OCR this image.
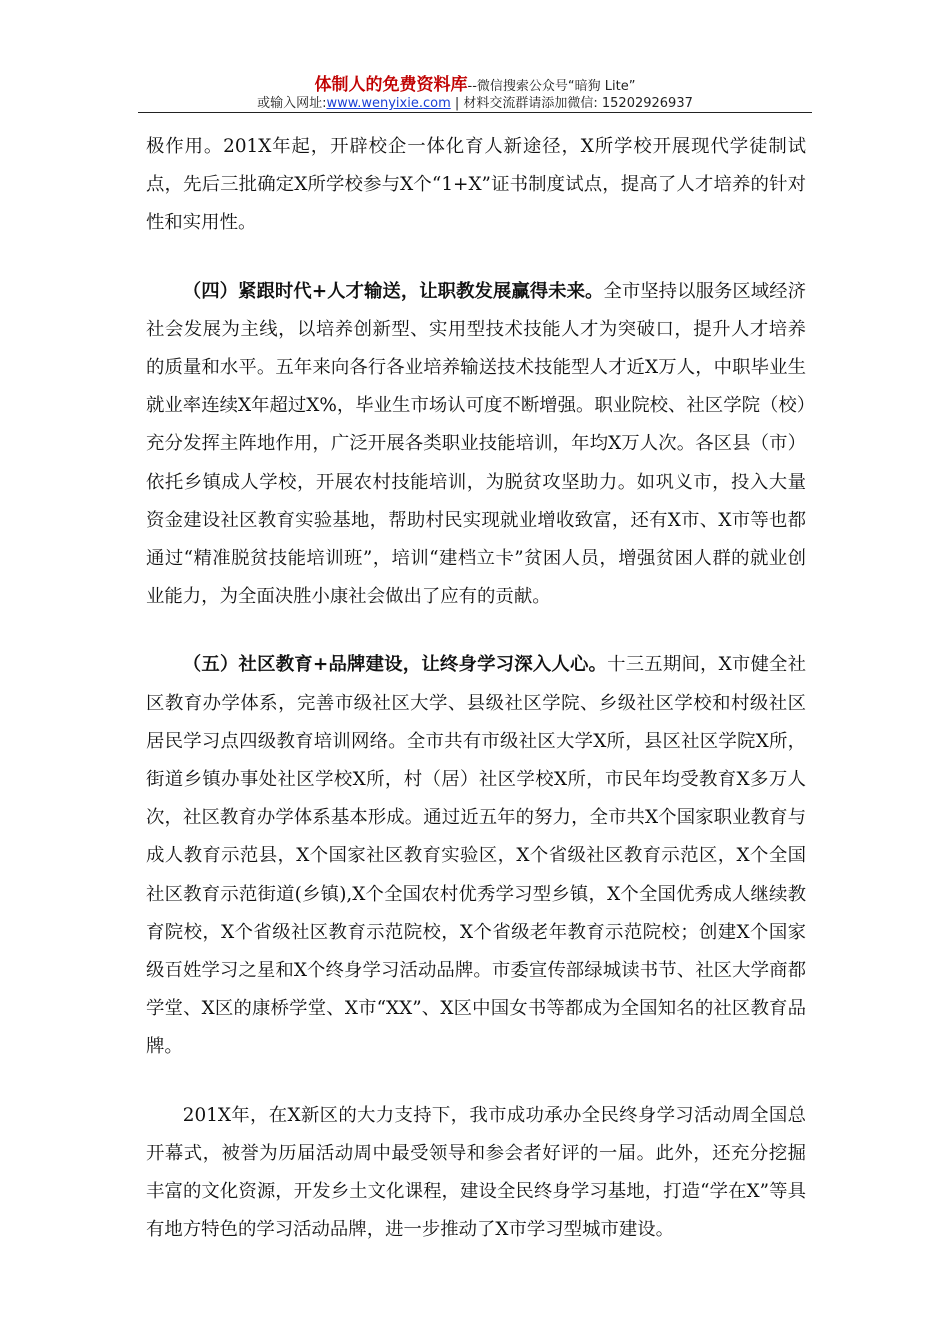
体制人的免费资料库--微信搜索公众号“暗狗 Lite”
或输入网址:www.wenyixie.com | 材料交流群请添加微信: 15202926937

极作用。201X年起，开辟校企一体化育人新途径，X所学校开展现代学徒制试点，先后三批确定X所学校参与X个“1+X”证书制度试点，提高了人才培养的针对性和实用性。

（四）紧跟时代+人才输送，让职教发展赢得未来。全市坚持以服务区域经济社会发展为主线，以培养创新型、实用型技术技能人才为突破口，提升人才培养的质量和水平。五年来向各行各业培养输送技术技能型人才近X万人，中职毕业生就业率连续X年超过X%，毕业生市场认可度不断增强。职业院校、社区学院（校）充分发挥主阵地作用，广泛开展各类职业技能培训，年均X万人次。各区县（市）依托乡镇成人学校，开展农村技能培训，为脱贫攻坚助力。如巩义市，投入大量资金建设社区教育实验基地，帮助村民实现就业增收致富，还有X市、X市等也都通过“精准脱贫技能培训班”，培训“建档立卡”贫困人员，增强贫困人群的就业创业能力，为全面决胜小康社会做出了应有的贡献。

（五）社区教育+品牌建设，让终身学习深入人心。十三五期间，X市健全社区教育办学体系，完善市级社区大学、县级社区学院、乡级社区学校和村级社区居民学习点四级教育培训网络。全市共有市级社区大学X所，县区社区学院X所，街道乡镇办事处社区学校X所，村（居）社区学校X所，市民年均受教育X多万人次，社区教育办学体系基本形成。通过近五年的努力，全市共X个国家职业教育与成人教育示范县，X个国家社区教育实验区，X个省级社区教育示范区，X个全国社区教育示范街道(乡镇),X个全国农村优秀学习型乡镇，X个全国优秀成人继续教育院校，X个省级社区教育示范院校，X个省级老年教育示范院校；创建X个国家级百姓学习之星和X个终身学习活动品牌。市委宣传部绿城读书节、社区大学商都学堂、X区的康桥学堂、X市“XX”、X区中国女书等都成为全国知名的社区教育品牌。

201X年，在X新区的大力支持下，我市成功承办全民终身学习活动周全国总开幕式，被誉为历届活动周中最受领导和参会者好评的一届。此外，还充分挖掘丰富的文化资源，开发乡土文化课程，建设全民终身学习基地，打造“学在X”等具有地方特色的学习活动品牌，进一步推动了X市学习型城市建设。
